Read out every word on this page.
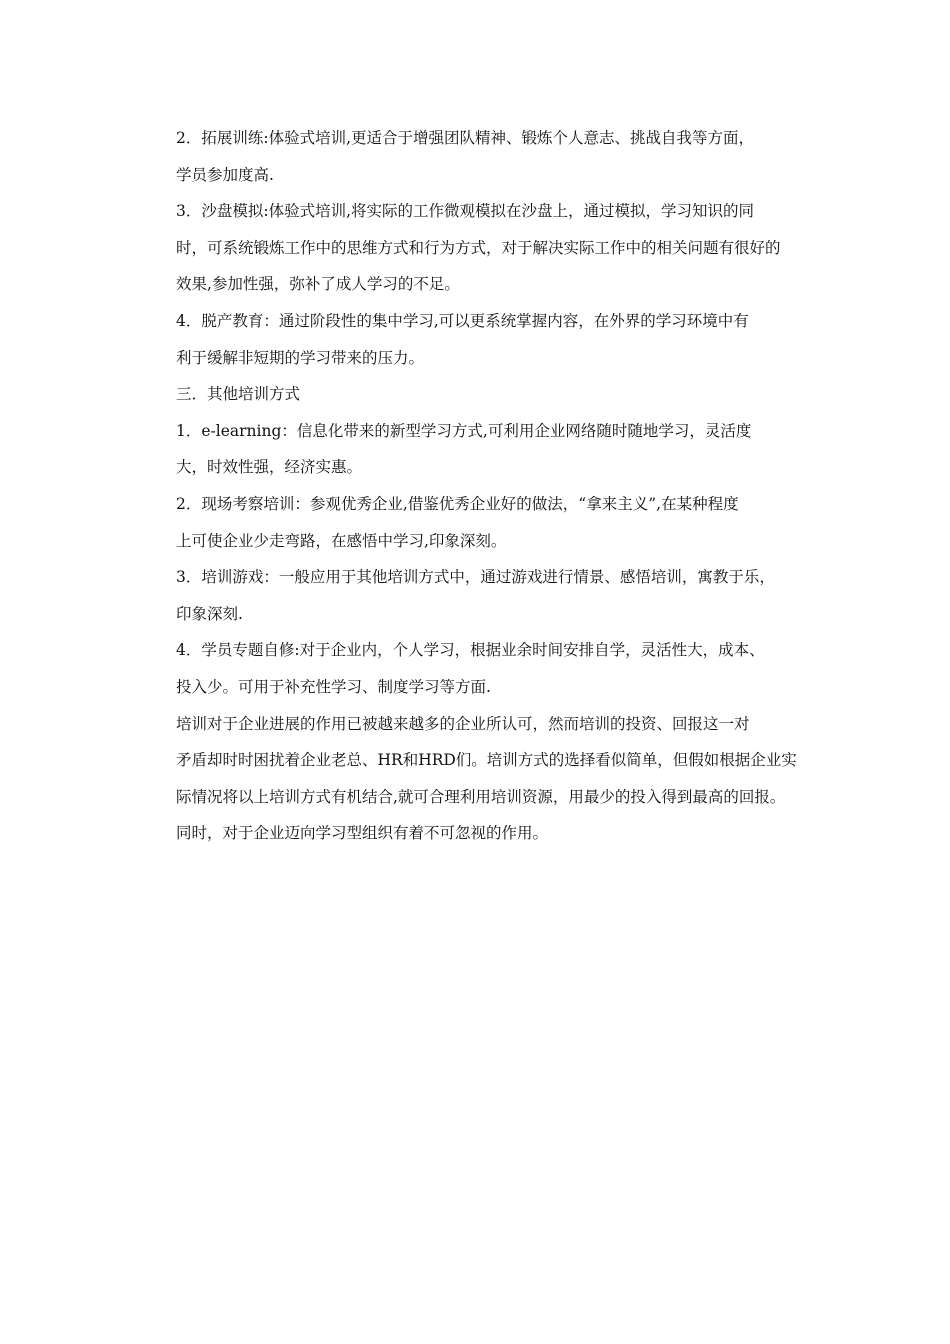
2．拓展训练:体验式培训,更适合于增强团队精神、锻炼个人意志、挑战自我等方面，
学员参加度高.
3．沙盘模拟:体验式培训,将实际的工作微观模拟在沙盘上，通过模拟，学习知识的同
时，可系统锻炼工作中的思维方式和行为方式，对于解决实际工作中的相关问题有很好的
效果,参加性强，弥补了成人学习的不足。
4．脱产教育：通过阶段性的集中学习,可以更系统掌握内容，在外界的学习环境中有
利于缓解非短期的学习带来的压力。
三．其他培训方式
1．e-learning：信息化带来的新型学习方式,可利用企业网络随时随地学习，灵活度
大，时效性强，经济实惠。
2．现场考察培训：参观优秀企业,借鉴优秀企业好的做法，“拿来主义”,在某种程度
上可使企业少走弯路，在感悟中学习,印象深刻。
3．培训游戏：一般应用于其他培训方式中，通过游戏进行情景、感悟培训，寓教于乐，
印象深刻.
4．学员专题自修:对于企业内，个人学习，根据业余时间安排自学，灵活性大，成本、
投入少。可用于补充性学习、制度学习等方面.
培训对于企业进展的作用已被越来越多的企业所认可，然而培训的投资、回报这一对
矛盾却时时困扰着企业老总、HR和HRD们。培训方式的选择看似简单，但假如根据企业实
际情况将以上培训方式有机结合,就可合理利用培训资源，用最少的投入得到最高的回报。
同时，对于企业迈向学习型组织有着不可忽视的作用。
